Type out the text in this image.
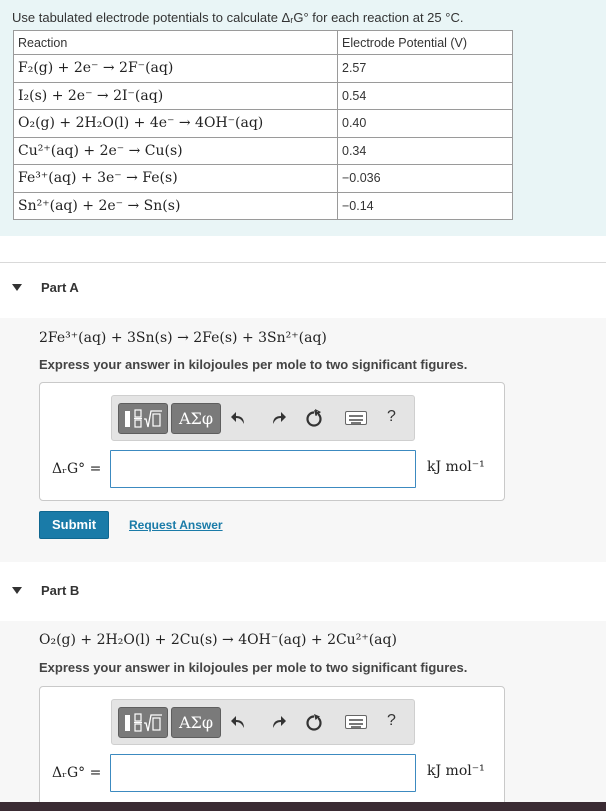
Use tabulated electrode potentials to calculate ΔᵣG° for each reaction at 25 °C.
Reaction	Electrode Potential (V)
F₂(g) + 2e⁻ → 2F⁻(aq)	2.57
I₂(s) + 2e⁻ → 2I⁻(aq)	0.54
O₂(g) + 2H₂O(l) + 4e⁻ → 4OH⁻(aq)	0.40
Cu²⁺(aq) + 2e⁻ → Cu(s)	0.34
Fe³⁺(aq) + 3e⁻ → Fe(s)	−0.036
Sn²⁺(aq) + 2e⁻ → Sn(s)	−0.14
Part A
2Fe³⁺(aq) + 3Sn(s) → 2Fe(s) + 3Sn²⁺(aq)
Express your answer in kilojoules per mole to two significant figures.
ΑΣφ	?
ΔᵣG° =	kJ mol⁻¹
Submit	Request Answer
Part B
O₂(g) + 2H₂O(l) + 2Cu(s) → 4OH⁻(aq) + 2Cu²⁺(aq)
Express your answer in kilojoules per mole to two significant figures.
ΑΣφ	?
ΔᵣG° =	kJ mol⁻¹
